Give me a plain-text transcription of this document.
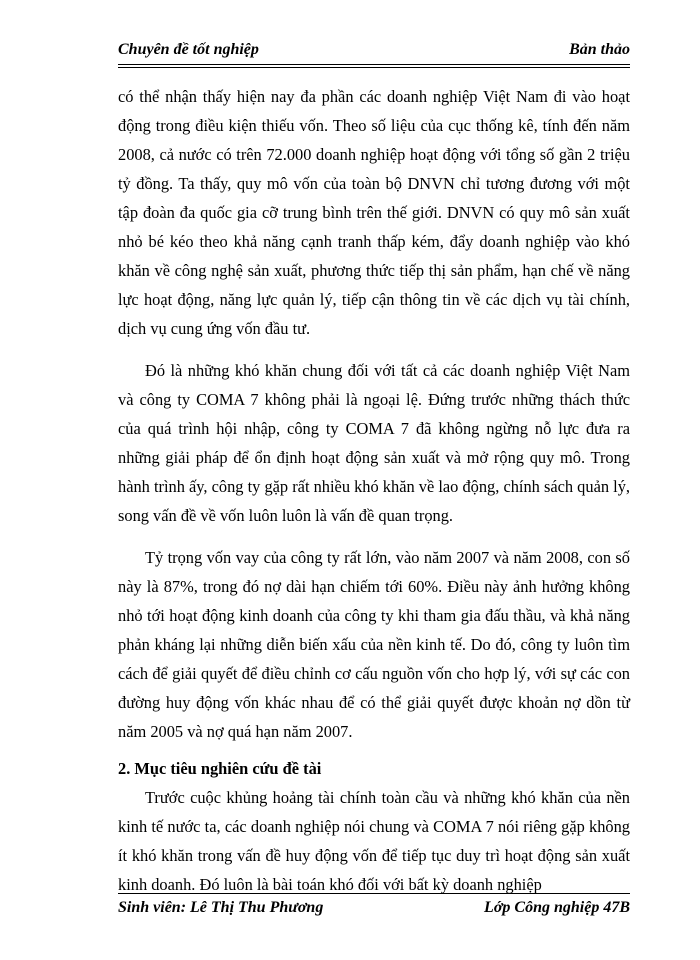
Chuyên đề tốt nghiệp	Bản thảo

có thể nhận thấy hiện nay đa phần các doanh nghiệp Việt Nam đi vào hoạt động trong điều kiện thiếu vốn. Theo số liệu của cục thống kê, tính đến năm 2008, cả nước có trên 72.000 doanh nghiệp hoạt động với tổng số gần 2 triệu tỷ đồng. Ta thấy, quy mô vốn của toàn bộ DNVN chỉ tương đương với một tập đoàn đa quốc gia cỡ trung bình trên thế giới. DNVN có quy mô sản xuất nhỏ bé kéo theo khả năng cạnh tranh thấp kém, đẩy doanh nghiệp vào khó khăn về công nghệ sản xuất, phương thức tiếp thị sản phẩm, hạn chế về năng lực hoạt động, năng lực quản lý, tiếp cận thông tin về các dịch vụ tài chính, dịch vụ cung ứng vốn đầu tư.

Đó là những khó khăn chung đối với tất cả các doanh nghiệp Việt Nam và công ty COMA 7 không phải là ngoại lệ. Đứng trước những thách thức của quá trình hội nhập, công ty COMA 7 đã không ngừng nỗ lực đưa ra những giải pháp để ổn định hoạt động sản xuất và mở rộng quy mô. Trong hành trình ấy, công ty gặp rất nhiều khó khăn về lao động, chính sách quản lý, song vấn đề về vốn luôn luôn là vấn đề quan trọng.

Tỷ trọng vốn vay của công ty rất lớn, vào năm 2007 và năm 2008, con số này là 87%, trong đó nợ dài hạn chiếm tới 60%. Điều này ảnh hưởng không nhỏ tới hoạt động kinh doanh của công ty khi tham gia đấu thầu, và khả năng phản kháng lại những diễn biến xấu của nền kinh tế. Do đó, công ty luôn tìm cách để giải quyết để điều chỉnh cơ cấu nguồn vốn cho hợp lý, với sự các con đường huy động vốn khác nhau để có thể giải quyết được khoản nợ dồn từ năm 2005 và nợ quá hạn năm 2007.

2. Mục tiêu nghiên cứu đề tài

Trước cuộc khủng hoảng tài chính toàn cầu và những khó khăn của nền kinh tế nước ta, các doanh nghiệp nói chung và COMA 7 nói riêng gặp không ít khó khăn trong vấn đề huy động vốn để tiếp tục duy trì hoạt động sản xuất kinh doanh. Đó luôn là bài toán khó đối với bất kỳ doanh nghiệp

Sinh viên: Lê Thị Thu Phương	Lớp Công nghiệp 47B
